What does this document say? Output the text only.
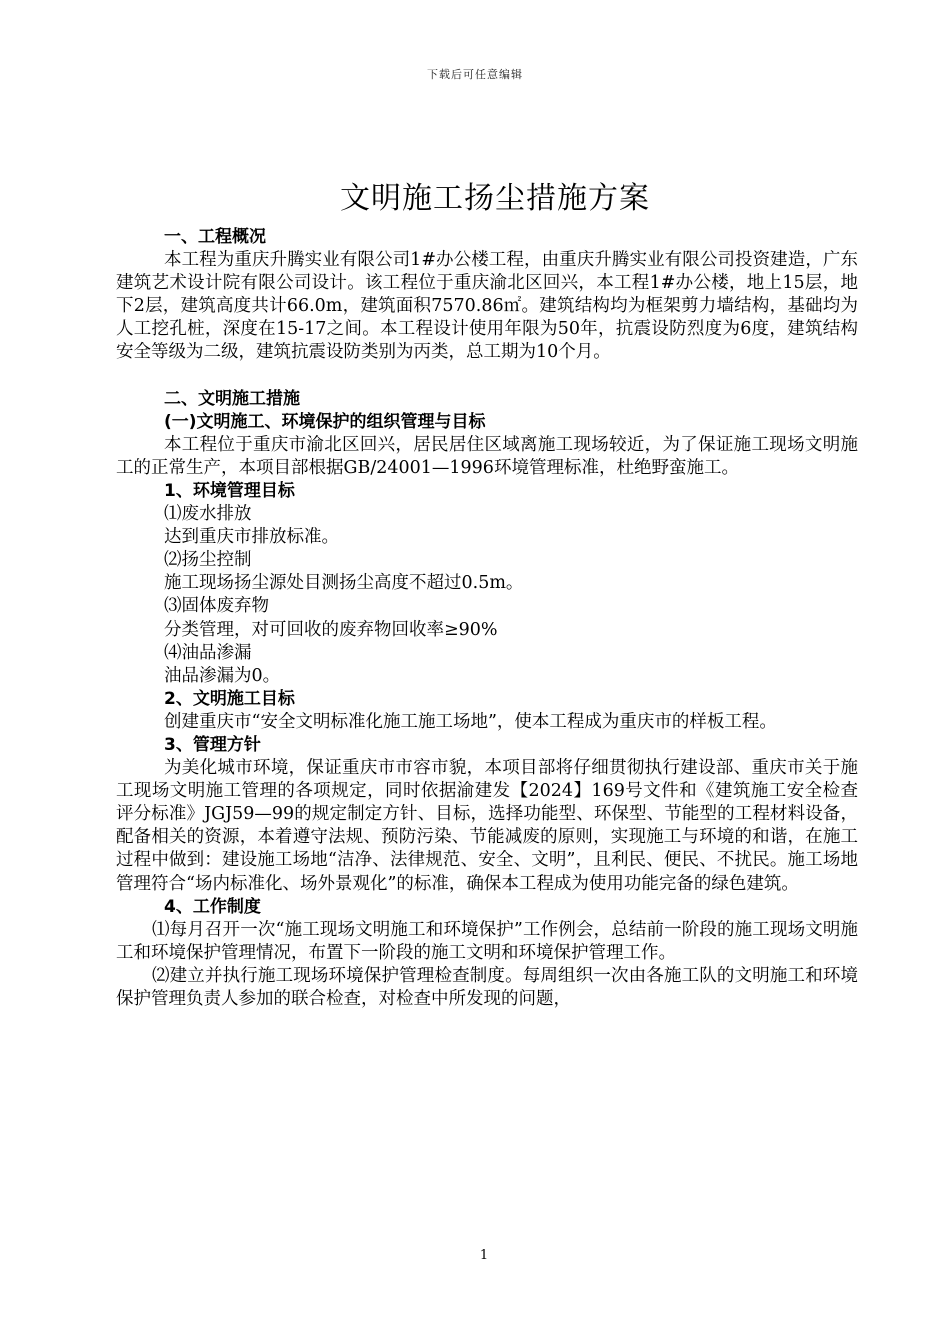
下载后可任意编辑
文明施工扬尘措施方案

一、工程概况

本工程为重庆升腾实业有限公司1#办公楼工程，由重庆升腾实业有限公司投资建造，广东建筑艺术设计院有限公司设计。该工程位于重庆渝北区回兴，本工程1#办公楼，地上15层，地下2层，建筑高度共计66.0m，建筑面积7570.86㎡。建筑结构均为框架剪力墙结构，基础均为人工挖孔桩，深度在15-17之间。本工程设计使用年限为50年，抗震设防烈度为6度，建筑结构安全等级为二级，建筑抗震设防类别为丙类，总工期为10个月。

二、文明施工措施

(一)文明施工、环境保护的组织管理与目标

本工程位于重庆市渝北区回兴，居民居住区域离施工现场较近，为了保证施工现场文明施工的正常生产，本项目部根据GB/24001—1996环境管理标准，杜绝野蛮施工。

1、环境管理目标

⑴废水排放

达到重庆市排放标准。

⑵扬尘控制

施工现场扬尘源处目测扬尘高度不超过0.5m。

⑶固体废弃物

分类管理，对可回收的废弃物回收率≥90%

⑷油品渗漏

油品渗漏为0。

2、文明施工目标

创建重庆市“安全文明标准化施工施工场地”，使本工程成为重庆市的样板工程。

3、管理方针

为美化城市环境，保证重庆市市容市貌，本项目部将仔细贯彻执行建设部、重庆市关于施工现场文明施工管理的各项规定，同时依据渝建发【2024】169号文件和《建筑施工安全检查评分标准》JGJ59—99的规定制定方针、目标，选择功能型、环保型、节能型的工程材料设备，配备相关的资源，本着遵守法规、预防污染、节能减废的原则，实现施工与环境的和谐，在施工过程中做到：建设施工场地“洁净、法律规范、安全、文明”，且利民、便民、不扰民。施工场地管理符合“场内标准化、场外景观化”的标准，确保本工程成为使用功能完备的绿色建筑。

4、工作制度

⑴每月召开一次“施工现场文明施工和环境保护”工作例会，总结前一阶段的施工现场文明施工和环境保护管理情况，布置下一阶段的施工文明和环境保护管理工作。

⑵建立并执行施工现场环境保护管理检查制度。每周组织一次由各施工队的文明施工和环境保护管理负责人参加的联合检查，对检查中所发现的问题，

1
